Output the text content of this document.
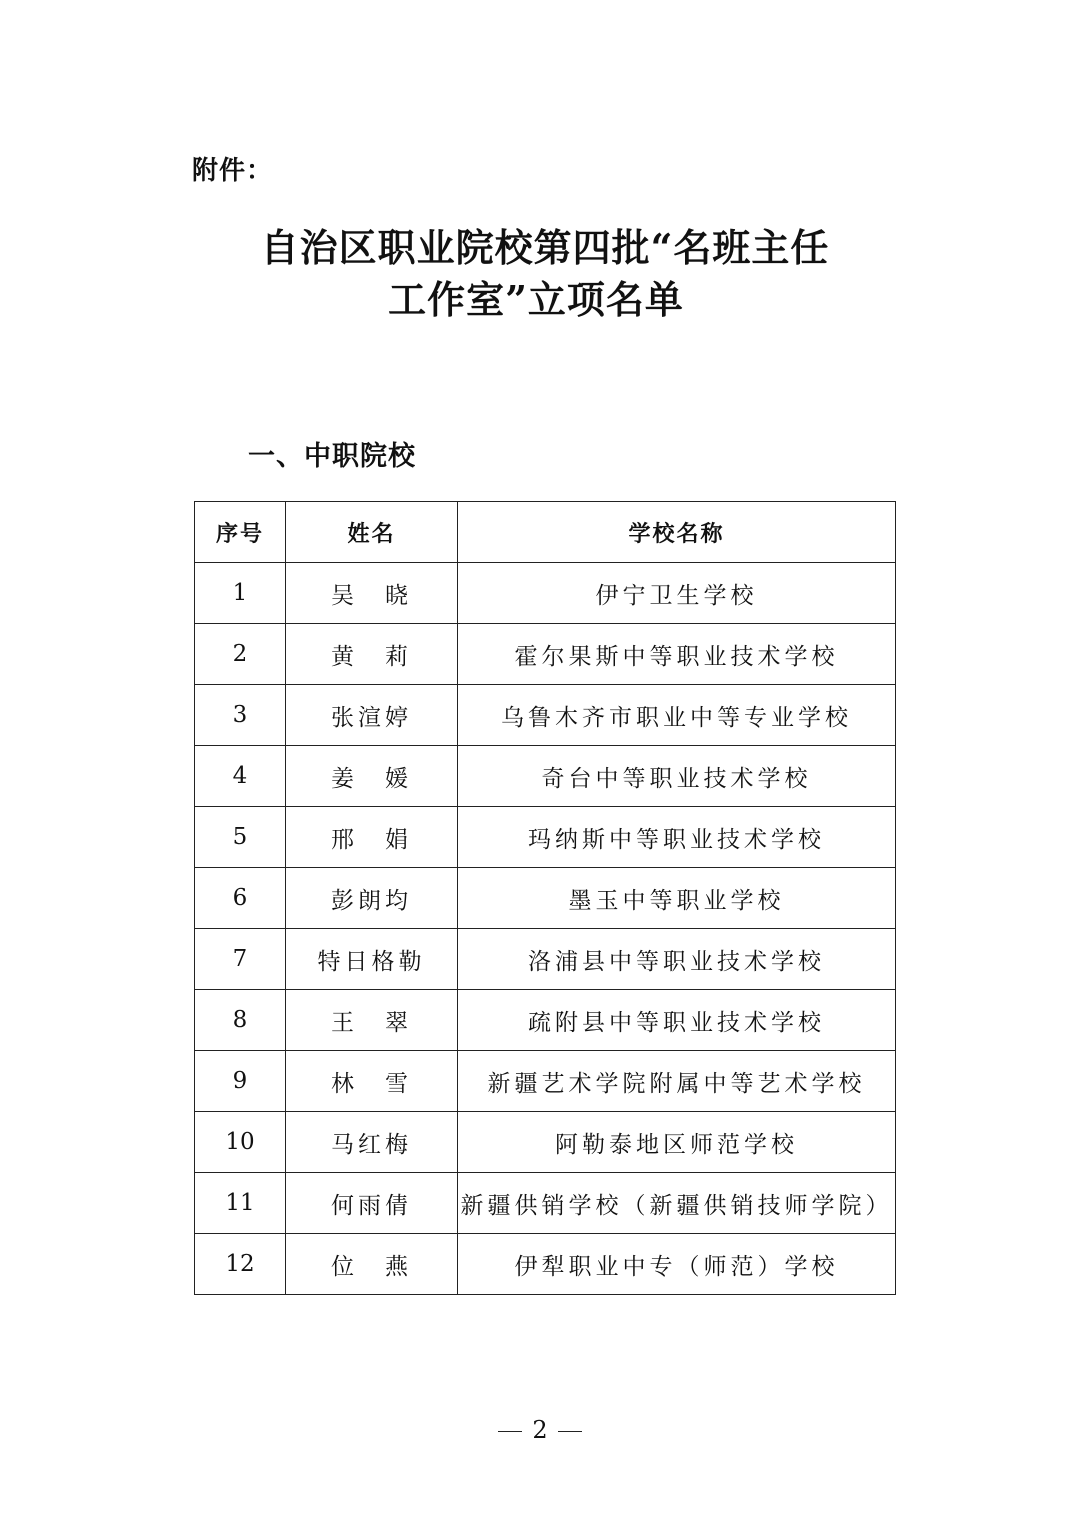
附件：
自治区职业院校第四批“名班主任
工作室”立项名单
一、中职院校
序号	姓名	学校名称
1	吴　晓	伊宁卫生学校
2	黄　莉	霍尔果斯中等职业技术学校
3	张渲婷	乌鲁木齐市职业中等专业学校
4	姜　媛	奇台中等职业技术学校
5	邢　娟	玛纳斯中等职业技术学校
6	彭朗均	墨玉中等职业学校
7	特日格勒	洛浦县中等职业技术学校
8	王　翠	疏附县中等职业技术学校
9	林　雪	新疆艺术学院附属中等艺术学校
10	马红梅	阿勒泰地区师范学校
11	何雨倩	新疆供销学校（新疆供销技师学院）
12	位　燕	伊犁职业中专（师范）学校
2
